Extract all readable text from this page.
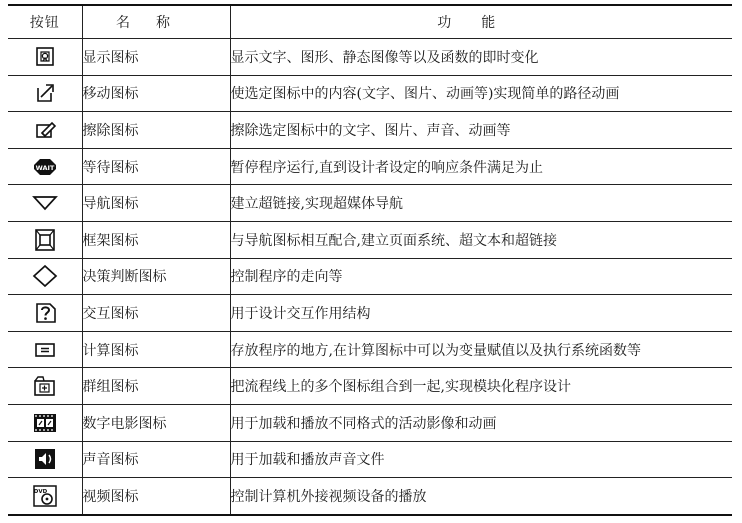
按钮	名称	功能

	显示图标	显示文字、图形、静态图像等以及函数的即时变化

	移动图标	使选定图标中的内容(文字、图片、动画等)实现简单的路径动画

	擦除图标	擦除选定图标中的文字、图片、声音、动画等

WAIT	等待图标	暂停程序运行,直到设计者设定的响应条件满足为止

	导航图标	建立超链接,实现超媒体导航

	框架图标	与导航图标相互配合,建立页面系统、超文本和超链接

	决策判断图标	控制程序的走向等

	交互图标	用于设计交互作用结构

	计算图标	存放程序的地方,在计算图标中可以为变量赋值以及执行系统函数等

	群组图标	把流程线上的多个图标组合到一起,实现模块化程序设计

	数字电影图标	用于加载和播放不同格式的活动影像和动画

	声音图标	用于加载和播放声音文件

DVD	视频图标	控制计算机外接视频设备的播放
